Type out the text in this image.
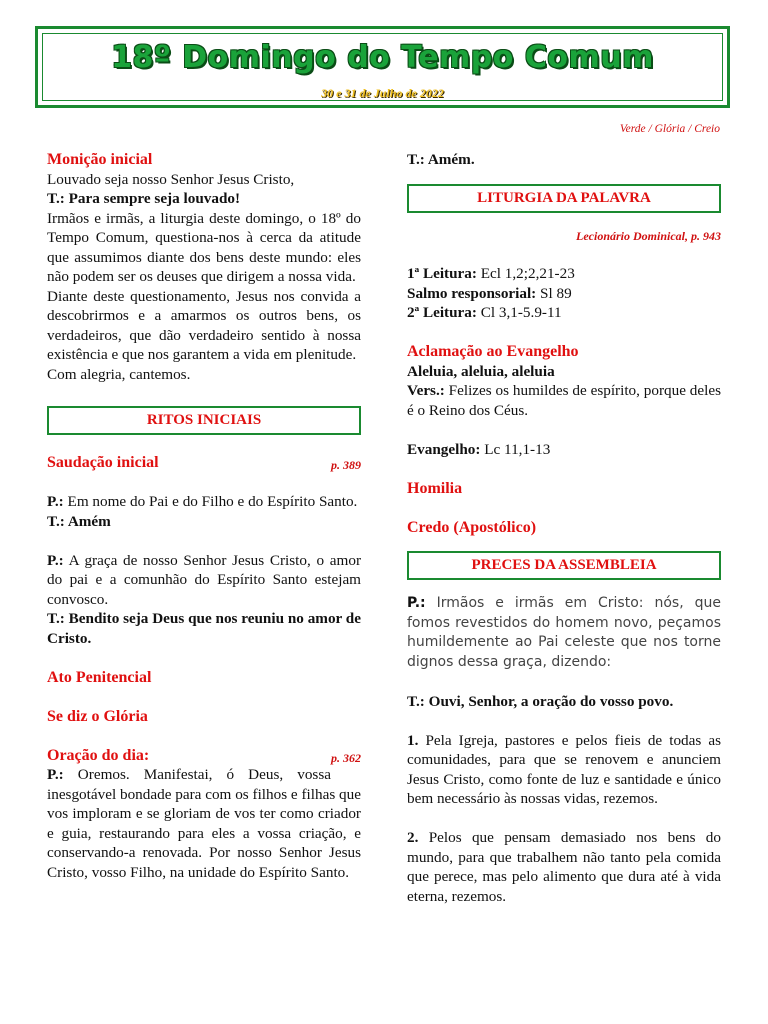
18º Domingo do Tempo Comum
30 e 31 de Julho de 2022
Verde / Glória / Creio
Monição inicial

Louvado seja nosso Senhor Jesus Cristo,

T.: Para sempre seja louvado!

Irmãos e irmãs, a liturgia deste domingo, o 18º do Tempo Comum, questiona-nos à cerca da atitude que assumimos diante dos bens deste mundo: eles não podem ser os deuses que dirigem a nossa vida.

Diante deste questionamento, Jesus nos convida a descobrirmos e a amarmos os outros bens, os verdadeiros, que dão verdadeiro sentido à nossa existência e que nos garantem a vida em plenitude.

Com alegria, cantemos.

RITOS INICIAIS
p. 389
Saudação inicial

P.: Em nome do Pai e do Filho e do Espírito Santo.

T.: Amém

P.: A graça de nosso Senhor Jesus Cristo, o amor do pai e a comunhão do Espírito Santo estejam convosco.

T.: Bendito seja Deus que nos reuniu no amor de Cristo.

Ato Penitencial
Se diz o Glória
p. 362
Oração do dia:

P.: Oremos. Manifestai, ó Deus, vossa inesgotável bondade para com os filhos e filhas que vos imploram e se gloriam de vos ter como criador e guia, restaurando para eles a vossa criação, e conservando-a renovada. Por nosso Senhor Jesus Cristo, vosso Filho, na unidade do Espírito Santo.

T.: Amém.

LITURGIA DA PALAVRA
Lecionário Dominical, p. 943

1ª Leitura: Ecl 1,2;2,21-23

Salmo responsorial: Sl 89

2ª Leitura: Cl 3,1-5.9-11

Aclamação ao Evangelho

Aleluia, aleluia, aleluia

Vers.: Felizes os humildes de espírito, porque deles é o Reino dos Céus.

Evangelho: Lc 11,1-13

Homilia
Credo (Apostólico)
PRECES DA ASSEMBLEIA

P.: Irmãos e irmãs em Cristo: nós, que fomos revestidos do homem novo, peçamos humildemente ao Pai celeste que nos torne dignos dessa graça, dizendo:

T.: Ouvi, Senhor, a oração do vosso povo.

1. Pela Igreja, pastores e pelos fieis de todas as comunidades, para que se renovem e anunciem Jesus Cristo, como fonte de luz e santidade e único bem necessário às nossas vidas, rezemos.

2. Pelos que pensam demasiado nos bens do mundo, para que trabalhem não tanto pela comida que perece, mas pelo alimento que dura até à vida eterna, rezemos.
